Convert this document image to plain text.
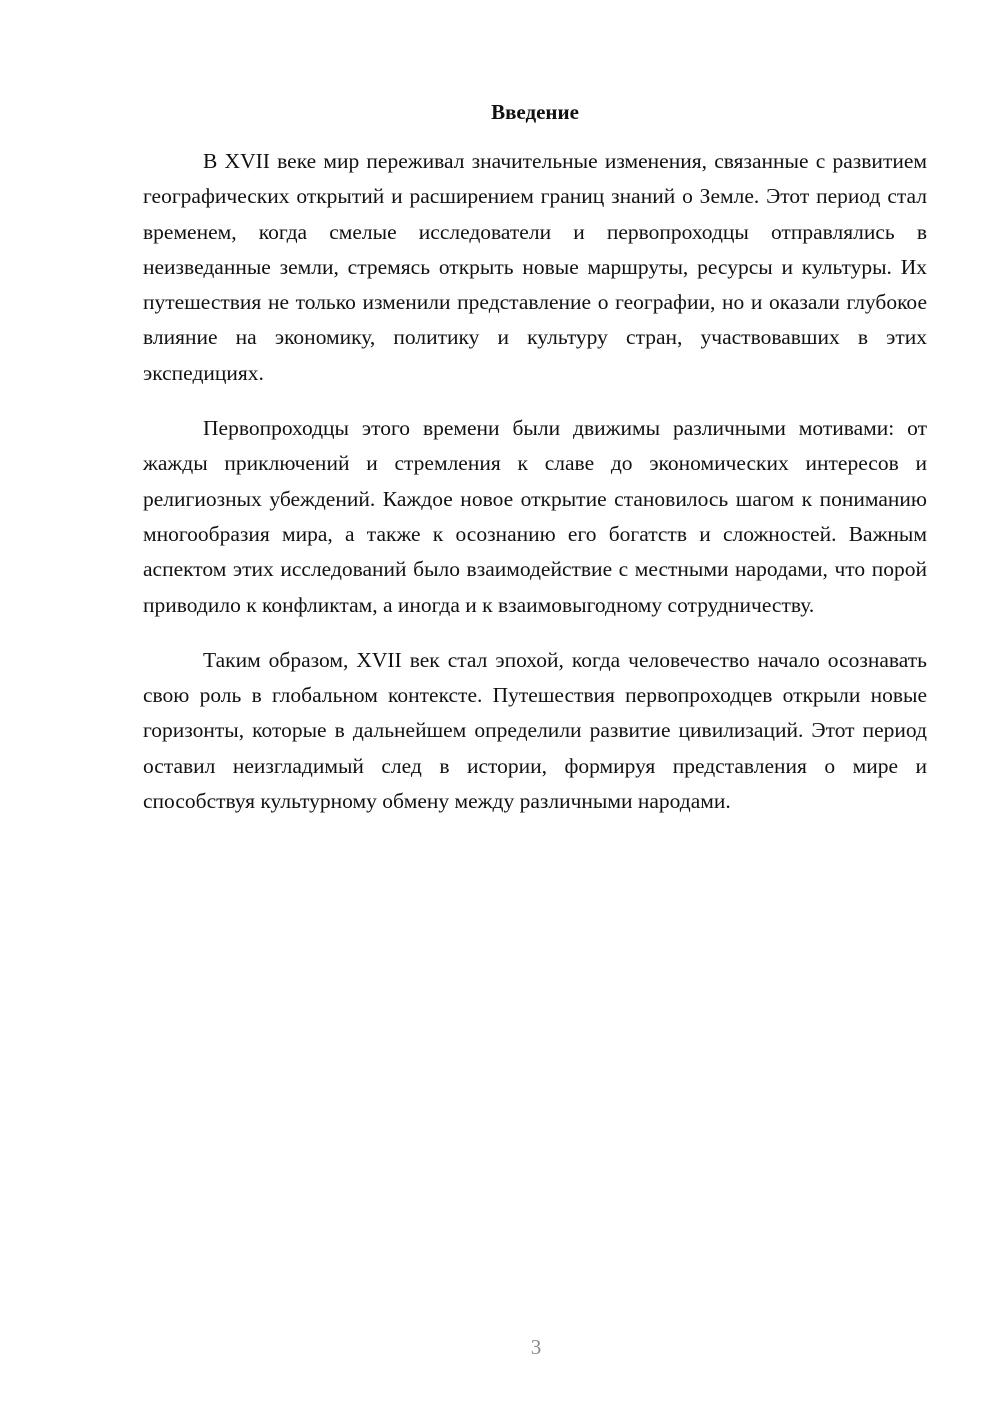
Введение

В XVII веке мир переживал значительные изменения, связанные с развитием географических открытий и расширением границ знаний о Земле. Этот период стал временем, когда смелые исследователи и первопроходцы отправлялись в неизведанные земли, стремясь открыть новые маршруты, ресурсы и культуры. Их путешествия не только изменили представление о географии, но и оказали глубокое влияние на экономику, политику и культуру стран, участвовавших в этих экспедициях.

Первопроходцы этого времени были движимы различными мотивами: от жажды приключений и стремления к славе до экономических интересов и религиозных убеждений. Каждое новое открытие становилось шагом к пониманию многообразия мира, а также к осознанию его богатств и сложностей. Важным аспектом этих исследований было взаимодействие с местными народами, что порой приводило к конфликтам, а иногда и к взаимовыгодному сотрудничеству.

Таким образом, XVII век стал эпохой, когда человечество начало осознавать свою роль в глобальном контексте. Путешествия первопроходцев открыли новые горизонты, которые в дальнейшем определили развитие цивилизаций. Этот период оставил неизгладимый след в истории, формируя представления о мире и способствуя культурному обмену между различными народами.

3
